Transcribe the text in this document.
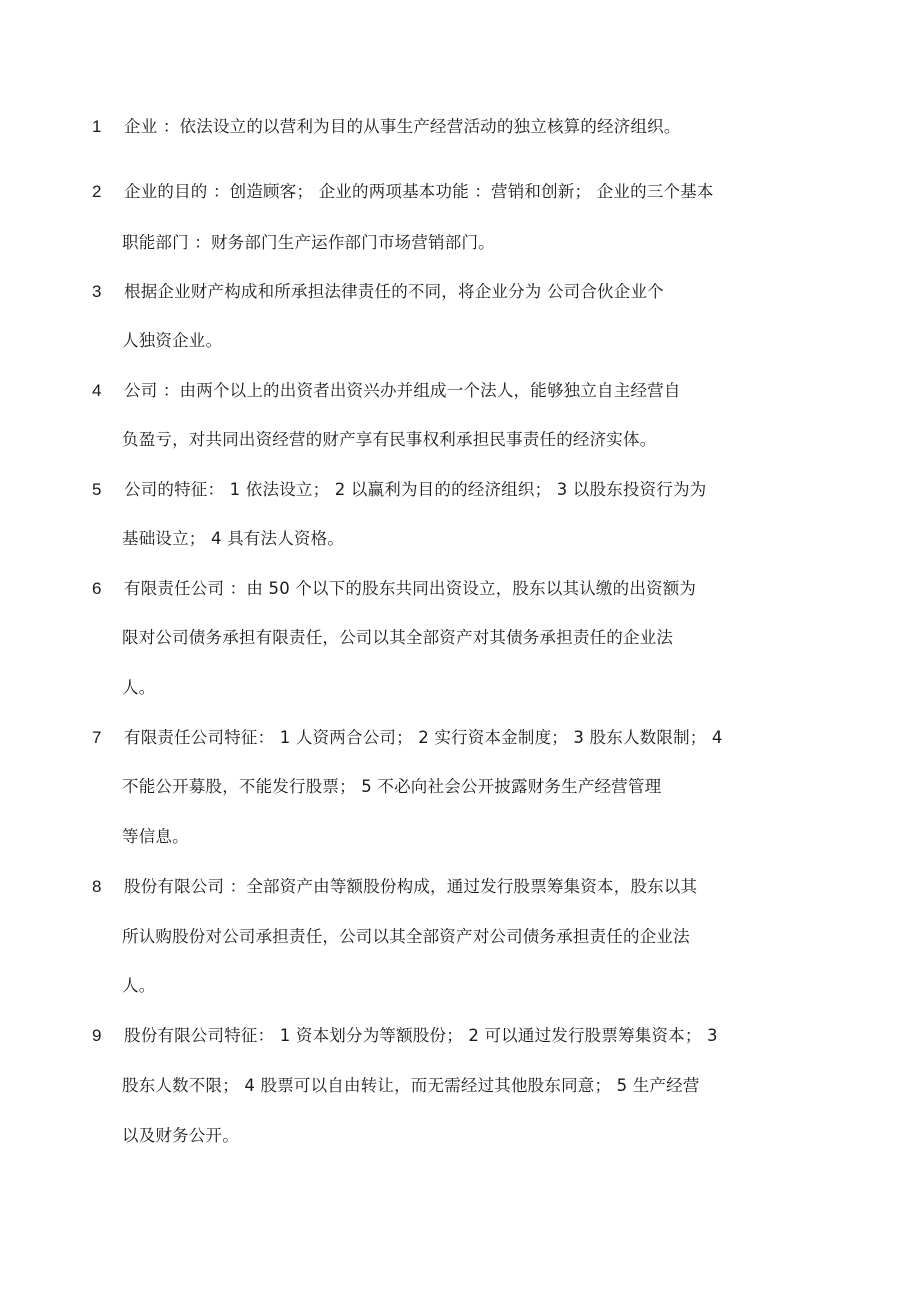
1 企业 ：依法设立的以营利为目的从事生产经营活动的独立核算的经济组织。
2 企业的目的 ：创造顾客； 企业的两项基本功能 ：营销和创新； 企业的三个基本
职能部门 ：财务部门生产运作部门市场营销部门。
3 根据企业财产构成和所承担法律责任的不同，将企业分为 公司合伙企业个
人独资企业。
4 公司 ：由两个以上的出资者出资兴办并组成一个法人，能够独立自主经营自
负盈亏，对共同出资经营的财产享有民事权利承担民事责任的经济实体。
5 公司的特征： 1 依法设立； 2 以赢利为目的的经济组织； 3 以股东投资行为为
基础设立； 4 具有法人资格。
6 有限责任公司 ：由 50 个以下的股东共同出资设立，股东以其认缴的出资额为
限对公司债务承担有限责任，公司以其全部资产对其债务承担责任的企业法
人。
7 有限责任公司特征： 1 人资两合公司； 2 实行资本金制度； 3 股东人数限制； 4
不能公开募股，不能发行股票； 5 不必向社会公开披露财务生产经营管理
等信息。
8 股份有限公司 ：全部资产由等额股份构成，通过发行股票筹集资本，股东以其
所认购股份对公司承担责任，公司以其全部资产对公司债务承担责任的企业法
人。
9 股份有限公司特征： 1 资本划分为等额股份； 2 可以通过发行股票筹集资本； 3
股东人数不限； 4 股票可以自由转让，而无需经过其他股东同意； 5 生产经营
以及财务公开。
